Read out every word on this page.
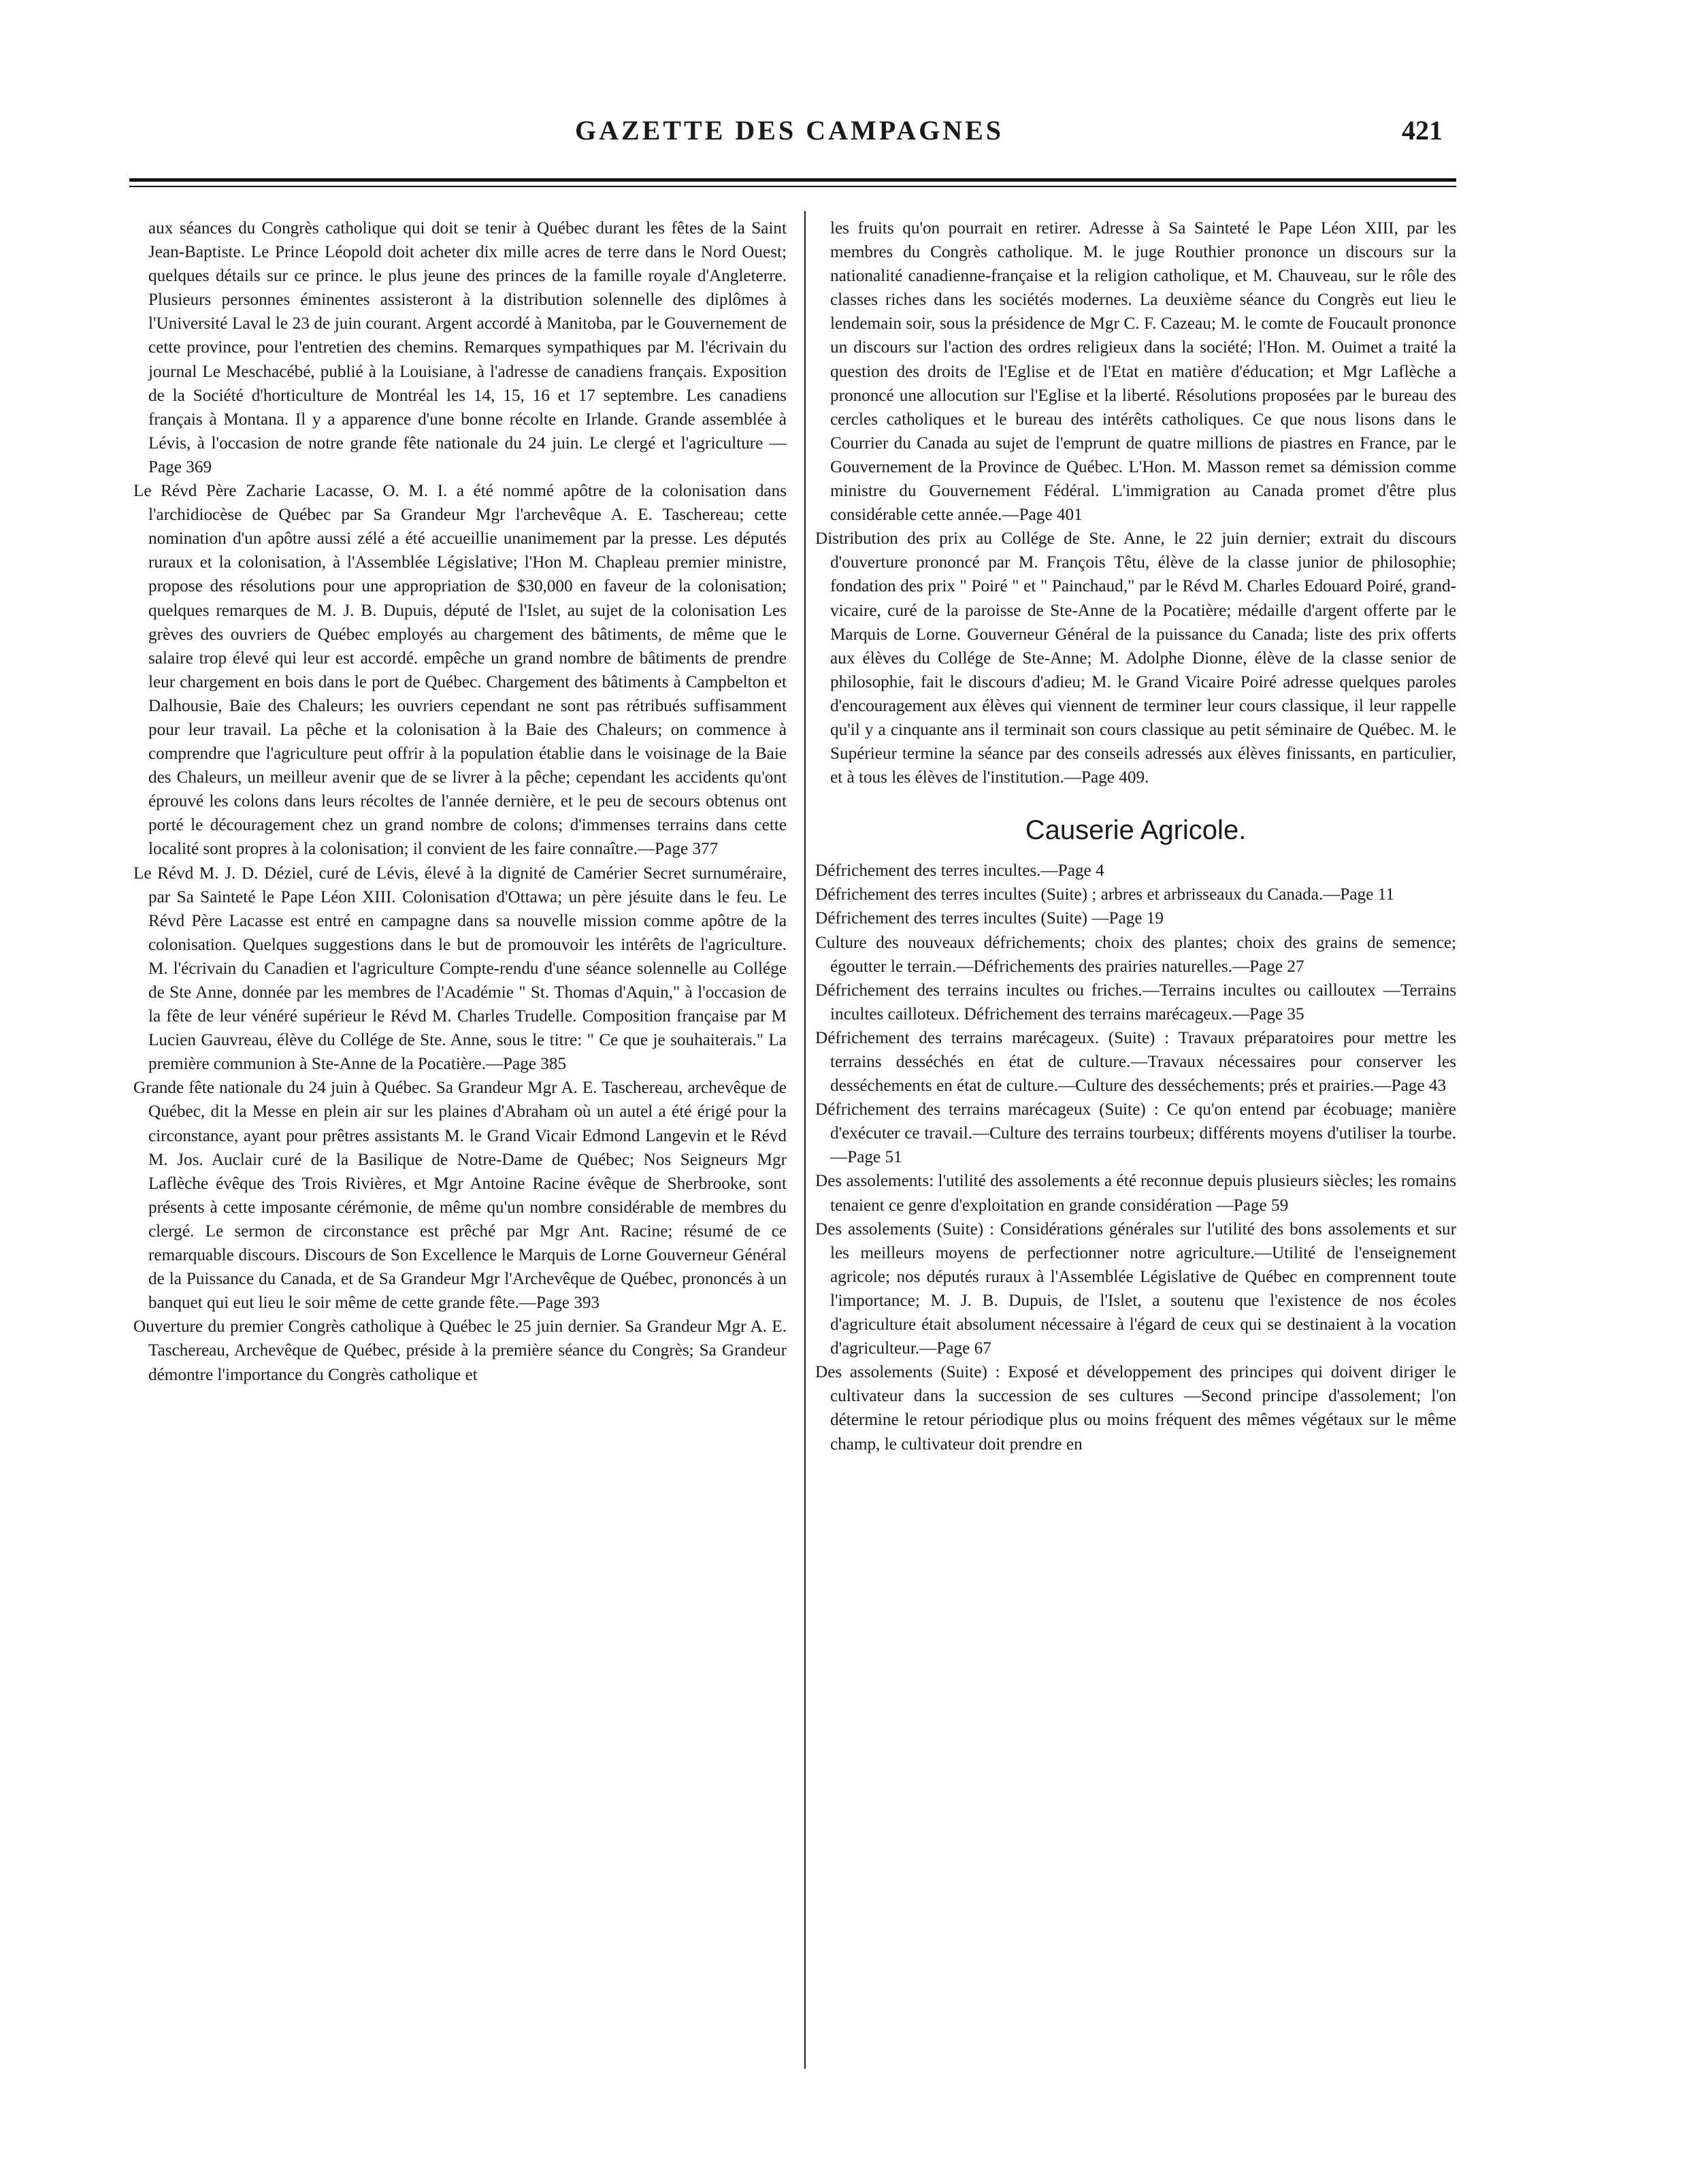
GAZETTE DES CAMPAGNES	421

aux séances du Congrès catholique qui doit se tenir à Québec durant les fêtes de la Saint Jean-Baptiste. Le Prince Léopold doit acheter dix mille acres de terre dans le Nord Ouest; quelques détails sur ce prince. le plus jeune des princes de la famille royale d'Angleterre. Plusieurs personnes éminentes assisteront à la distribution solennelle des diplômes à l'Université Laval le 23 de juin courant. Argent accordé à Manitoba, par le Gouvernement de cette province, pour l'entretien des chemins. Remarques sympathiques par M. l'écrivain du journal Le Meschacébé, publié à la Louisiane, à l'adresse de canadiens français. Exposition de la Société d'horticulture de Montréal les 14, 15, 16 et 17 septembre. Les canadiens français à Montana. Il y a apparence d'une bonne récolte en Irlande. Grande assemblée à Lévis, à l'occasion de notre grande fête nationale du 24 juin. Le clergé et l'agriculture —Page 369

Le Révd Père Zacharie Lacasse, O. M. I. a été nommé apôtre de la colonisation dans l'archidiocèse de Québec par Sa Grandeur Mgr l'archevêque A. E. Taschereau; cette nomination d'un apôtre aussi zélé a été accueillie unanimement par la presse. Les députés ruraux et la colonisation, à l'Assemblée Législative; l'Hon M. Chapleau premier ministre, propose des résolutions pour une appropriation de $30,000 en faveur de la colonisation; quelques remarques de M. J. B. Dupuis, député de l'Islet, au sujet de la colonisation Les grèves des ouvriers de Québec employés au chargement des bâtiments, de même que le salaire trop élevé qui leur est accordé. empêche un grand nombre de bâtiments de prendre leur chargement en bois dans le port de Québec. Chargement des bâtiments à Campbelton et Dalhousie, Baie des Chaleurs; les ouvriers cependant ne sont pas rétribués suffisamment pour leur travail. La pêche et la colonisation à la Baie des Chaleurs; on commence à comprendre que l'agriculture peut offrir à la population établie dans le voisinage de la Baie des Chaleurs, un meilleur avenir que de se livrer à la pêche; cependant les accidents qu'ont éprouvé les colons dans leurs récoltes de l'année dernière, et le peu de secours obtenus ont porté le découragement chez un grand nombre de colons; d'immenses terrains dans cette localité sont propres à la colonisation; il convient de les faire connaître.—Page 377

Le Révd M. J. D. Déziel, curé de Lévis, élevé à la dignité de Camérier Secret surnuméraire, par Sa Sainteté le Pape Léon XIII. Colonisation d'Ottawa; un père jésuite dans le feu. Le Révd Père Lacasse est entré en campagne dans sa nouvelle mission comme apôtre de la colonisation. Quelques suggestions dans le but de promouvoir les intérêts de l'agriculture. M. l'écrivain du Canadien et l'agriculture Compte-rendu d'une séance solennelle au Collége de Ste Anne, donnée par les membres de l'Académie " St. Thomas d'Aquin," à l'occasion de la fête de leur vénéré supérieur le Révd M. Charles Trudelle. Composition française par M Lucien Gauvreau, élève du Collége de Ste. Anne, sous le titre: " Ce que je souhaiterais." La première communion à Ste-Anne de la Pocatière.—Page 385

Grande fête nationale du 24 juin à Québec. Sa Grandeur Mgr A. E. Taschereau, archevêque de Québec, dit la Messe en plein air sur les plaines d'Abraham où un autel a été érigé pour la circonstance, ayant pour prêtres assistants M. le Grand Vicair Edmond Langevin et le Révd M. Jos. Auclair curé de la Basilique de Notre-Dame de Québec; Nos Seigneurs Mgr Laflèche évêque des Trois Rivières, et Mgr Antoine Racine évêque de Sherbrooke, sont présents à cette imposante cérémonie, de même qu'un nombre considérable de membres du clergé. Le sermon de circonstance est prêché par Mgr Ant. Racine; résumé de ce remarquable discours. Discours de Son Excellence le Marquis de Lorne Gouverneur Général de la Puissance du Canada, et de Sa Grandeur Mgr l'Archevêque de Québec, prononcés à un banquet qui eut lieu le soir même de cette grande fête.—Page 393

Ouverture du premier Congrès catholique à Québec le 25 juin dernier. Sa Grandeur Mgr A. E. Taschereau, Archevêque de Québec, préside à la première séance du Congrès; Sa Grandeur démontre l'importance du Congrès catholique et

les fruits qu'on pourrait en retirer. Adresse à Sa Sainteté le Pape Léon XIII, par les membres du Congrès catholique. M. le juge Routhier prononce un discours sur la nationalité canadienne-française et la religion catholique, et M. Chauveau, sur le rôle des classes riches dans les sociétés modernes. La deuxième séance du Congrès eut lieu le lendemain soir, sous la présidence de Mgr C. F. Cazeau; M. le comte de Foucault prononce un discours sur l'action des ordres religieux dans la société; l'Hon. M. Ouimet a traité la question des droits de l'Eglise et de l'Etat en matière d'éducation; et Mgr Laflèche a prononcé une allocution sur l'Eglise et la liberté. Résolutions proposées par le bureau des cercles catholiques et le bureau des intérêts catholiques. Ce que nous lisons dans le Courrier du Canada au sujet de l'emprunt de quatre millions de piastres en France, par le Gouvernement de la Province de Québec. L'Hon. M. Masson remet sa démission comme ministre du Gouvernement Fédéral. L'immigration au Canada promet d'être plus considérable cette année.—Page 401

Distribution des prix au Collége de Ste. Anne, le 22 juin dernier; extrait du discours d'ouverture prononcé par M. François Têtu, élève de la classe junior de philosophie; fondation des prix " Poiré " et " Painchaud," par le Révd M. Charles Edouard Poiré, grand-vicaire, curé de la paroisse de Ste-Anne de la Pocatière; médaille d'argent offerte par le Marquis de Lorne. Gouverneur Général de la puissance du Canada; liste des prix offerts aux élèves du Collége de Ste-Anne; M. Adolphe Dionne, élève de la classe senior de philosophie, fait le discours d'adieu; M. le Grand Vicaire Poiré adresse quelques paroles d'encouragement aux élèves qui viennent de terminer leur cours classique, il leur rappelle qu'il y a cinquante ans il terminait son cours classique au petit séminaire de Québec. M. le Supérieur termine la séance par des conseils adressés aux élèves finissants, en particulier, et à tous les élèves de l'institution.—Page 409.

Causerie Agricole.

Défrichement des terres incultes.—Page 4

Défrichement des terres incultes (Suite) ; arbres et arbrisseaux du Canada.—Page 11

Défrichement des terres incultes (Suite) —Page 19

Culture des nouveaux défrichements; choix des plantes; choix des grains de semence; égoutter le terrain.—Défrichements des prairies naturelles.—Page 27

Défrichement des terrains incultes ou friches.—Terrains incultes ou cailloutex —Terrains incultes cailloteux. Défrichement des terrains marécageux.—Page 35

Défrichement des terrains marécageux. (Suite) : Travaux préparatoires pour mettre les terrains desséchés en état de culture.—Travaux nécessaires pour conserver les desséchements en état de culture.—Culture des desséchements; prés et prairies.—Page 43

Défrichement des terrains marécageux (Suite) : Ce qu'on entend par écobuage; manière d'exécuter ce travail.—Culture des terrains tourbeux; différents moyens d'utiliser la tourbe.—Page 51

Des assolements: l'utilité des assolements a été reconnue depuis plusieurs siècles; les romains tenaient ce genre d'exploitation en grande considération —Page 59

Des assolements (Suite) : Considérations générales sur l'utilité des bons assolements et sur les meilleurs moyens de perfectionner notre agriculture.—Utilité de l'enseignement agricole; nos députés ruraux à l'Assemblée Législative de Québec en comprennent toute l'importance; M. J. B. Dupuis, de l'Islet, a soutenu que l'existence de nos écoles d'agriculture était absolument nécessaire à l'égard de ceux qui se destinaient à la vocation d'agriculteur.—Page 67

Des assolements (Suite) : Exposé et développement des principes qui doivent diriger le cultivateur dans la succession de ses cultures —Second principe d'assolement; l'on détermine le retour périodique plus ou moins fréquent des mêmes végétaux sur le même champ, le cultivateur doit prendre en
